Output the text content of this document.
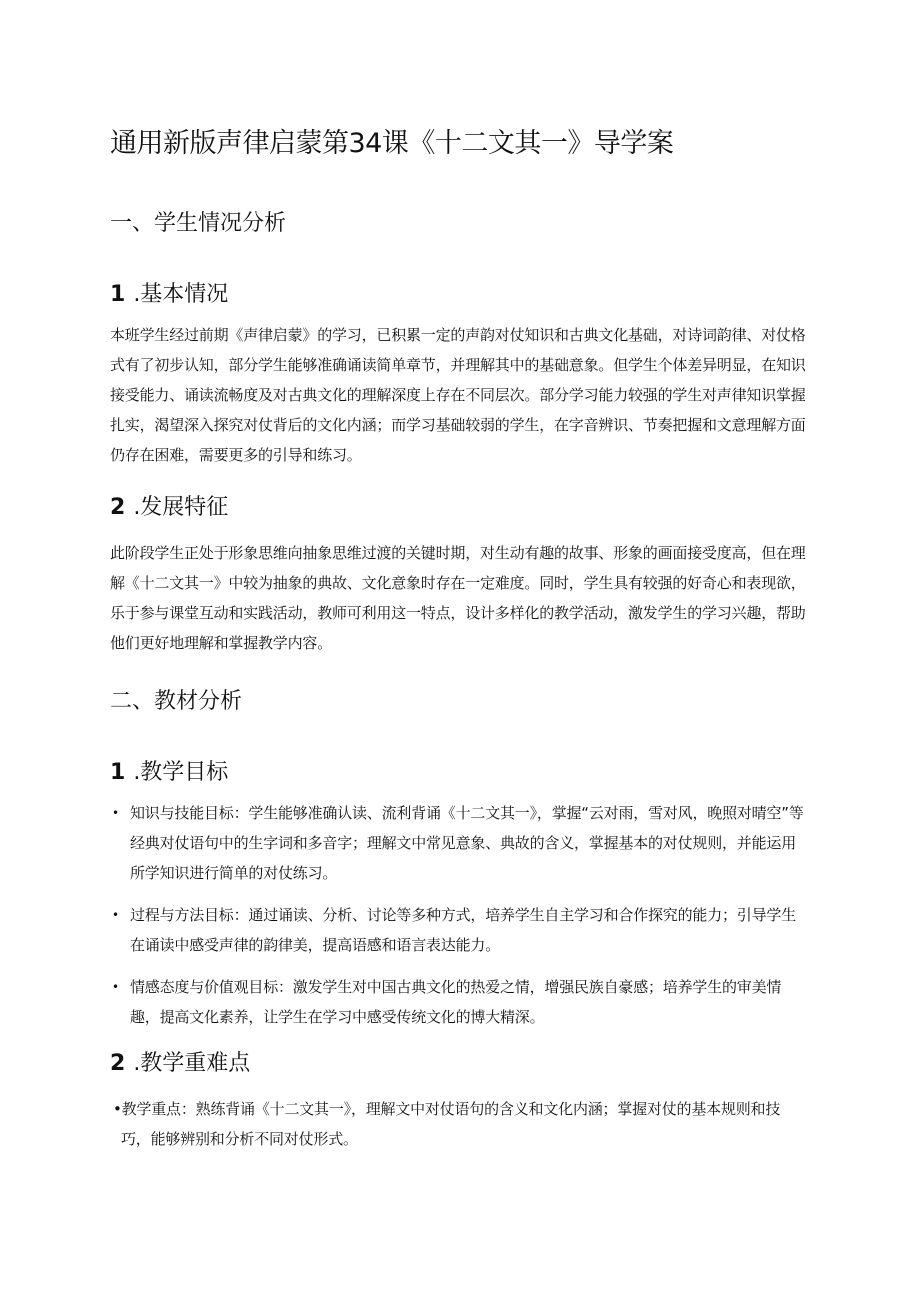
通用新版声律启蒙第34课《十二文其一》导学案
一、学生情况分析
1 .基本情况
本班学生经过前期《声律启蒙》的学习，已积累一定的声韵对仗知识和古典文化基础，对诗词韵律、对仗格式有了初步认知，部分学生能够准确诵读简单章节，并理解其中的基础意象。但学生个体差异明显，在知识接受能力、诵读流畅度及对古典文化的理解深度上存在不同层次。部分学习能力较强的学生对声律知识掌握扎实，渴望深入探究对仗背后的文化内涵；而学习基础较弱的学生，在字音辨识、节奏把握和文意理解方面仍存在困难，需要更多的引导和练习。
2 .发展特征
此阶段学生正处于形象思维向抽象思维过渡的关键时期，对生动有趣的故事、形象的画面接受度高，但在理解《十二文其一》中较为抽象的典故、文化意象时存在一定难度。同时，学生具有较强的好奇心和表现欲，乐于参与课堂互动和实践活动，教师可利用这一特点，设计多样化的教学活动，激发学生的学习兴趣，帮助他们更好地理解和掌握教学内容。
二、教材分析
1 .教学目标
• 知识与技能目标：学生能够准确认读、流利背诵《十二文其一》，掌握“云对雨，雪对风，晚照对晴空”等经典对仗语句中的生字词和多音字；理解文中常见意象、典故的含义，掌握基本的对仗规则，并能运用所学知识进行简单的对仗练习。
• 过程与方法目标：通过诵读、分析、讨论等多种方式，培养学生自主学习和合作探究的能力；引导学生在诵读中感受声律的韵律美，提高语感和语言表达能力。
• 情感态度与价值观目标：激发学生对中国古典文化的热爱之情，增强民族自豪感；培养学生的审美情趣，提高文化素养，让学生在学习中感受传统文化的博大精深。
2 .教学重难点
•教学重点：熟练背诵《十二文其一》，理解文中对仗语句的含义和文化内涵；掌握对仗的基本规则和技
巧，能够辨别和分析不同对仗形式。
